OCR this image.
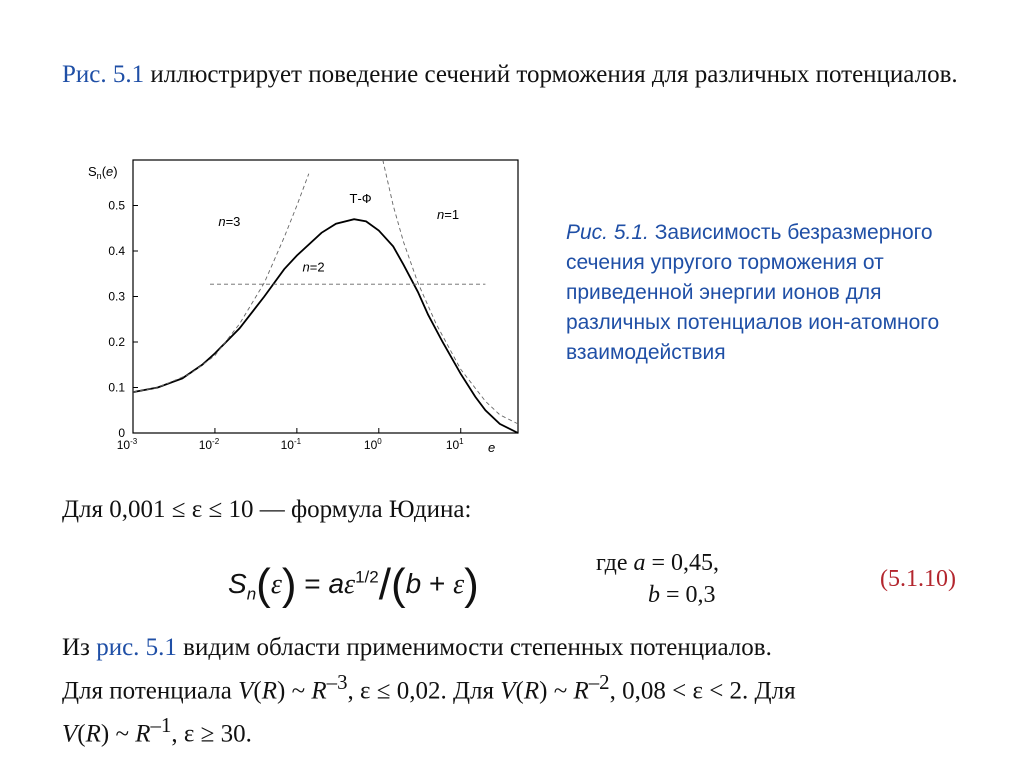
Рис. 5.1 иллюстрирует поведение сечений торможения для различных потенциалов.
$S_n(e)$
e
0
0.1
0.2
0.3
0.4
0.5
$10^{-3}$	$10^{-2}$	$10^{-1}$	$10^0$	$10^1$
Т-Ф
n=3
n=2
n=1
Рис. 5.1. Зависимость безразмерного сечения упругого торможения от приведенной энергии ионов для различных потенциалов ион-атомного взаимодействия
Для 0,001 ≤ ε ≤ 10 — формула Юдина:
$S_n(\varepsilon) = a\varepsilon^{1/2}/(b + \varepsilon)$	где a = 0,45,
b = 0,3
(5.1.10)
Из рис. 5.1 видим области применимости степенных потенциалов.
Для потенциала V(R) ~ $R^{-3}$, ε ≤ 0,02. Для V(R) ~ $R^{-2}$, 0,08 < ε < 2. Для
V(R) ~ $R^{-1}$, ε ≥ 30.
